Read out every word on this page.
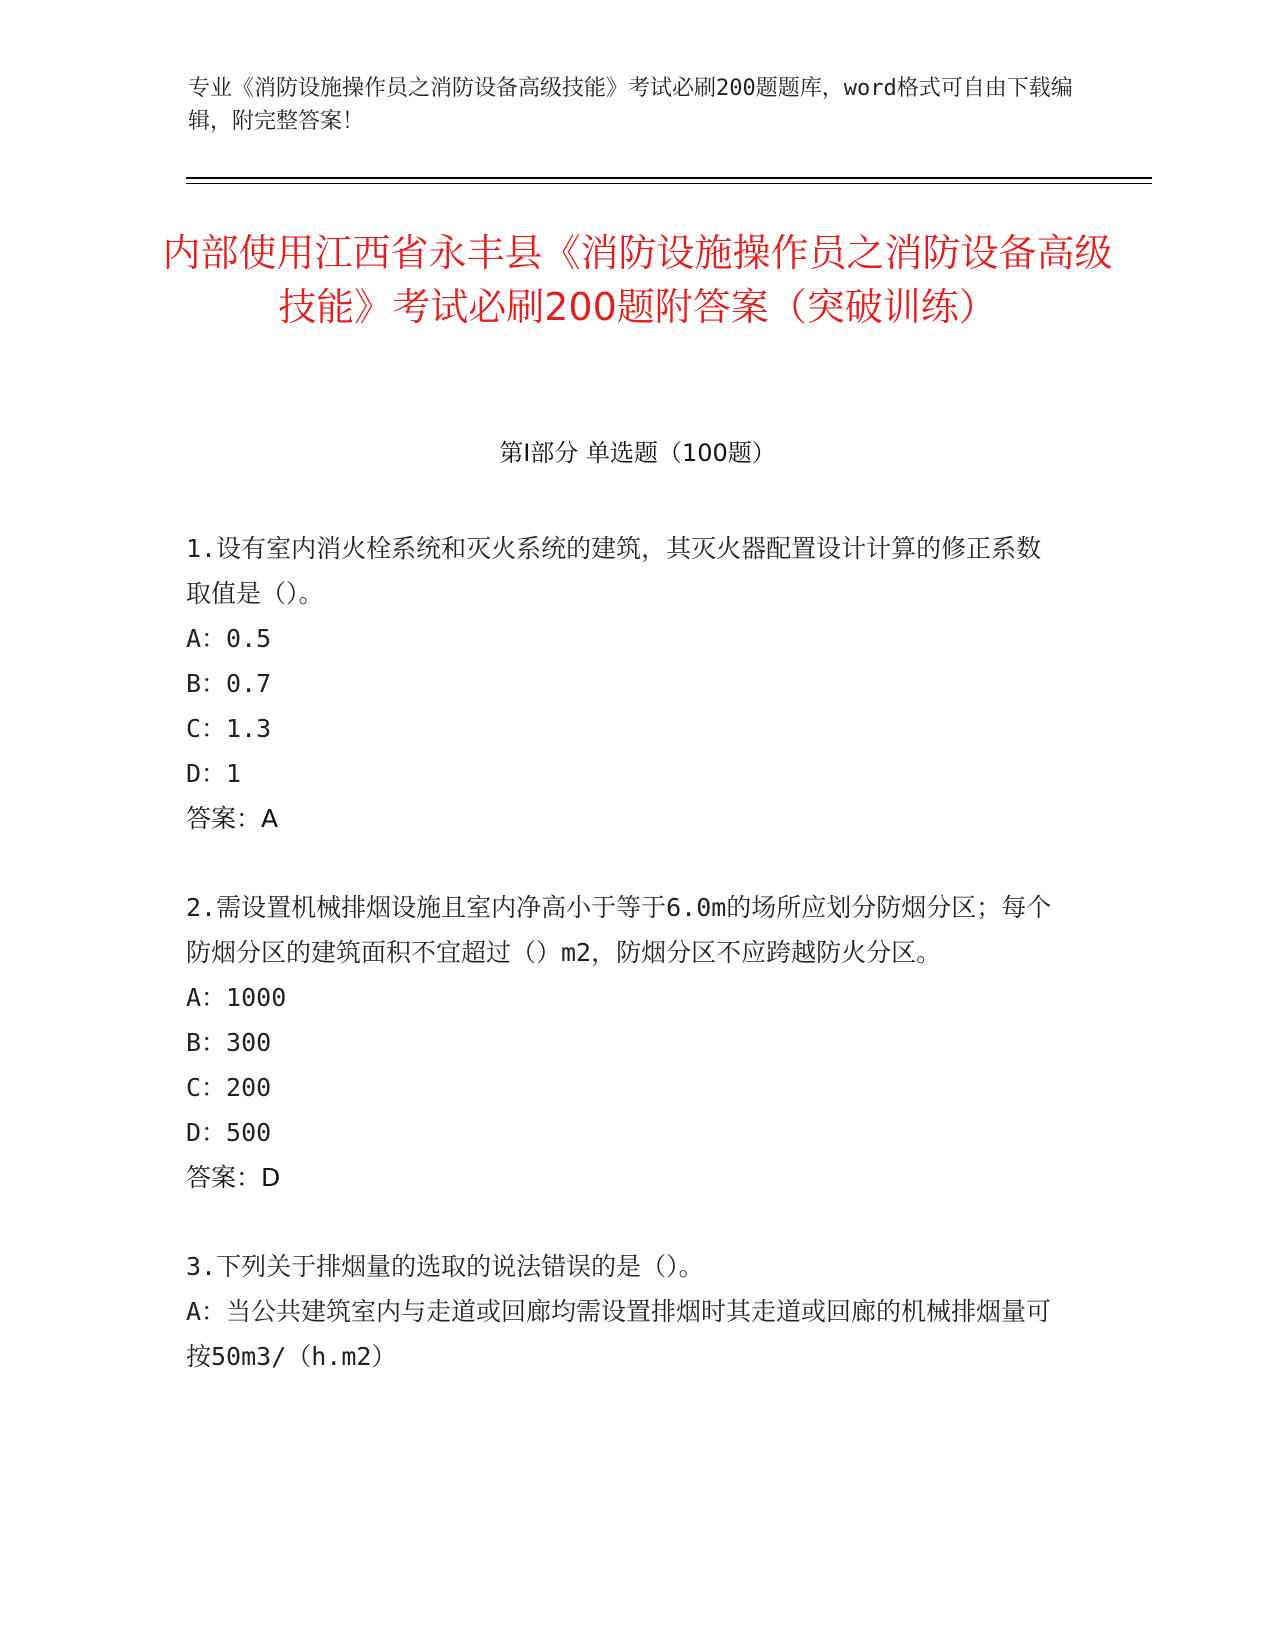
专业《消防设施操作员之消防设备高级技能》考试必刷200题题库，word格式可自由下载编辑，附完整答案！
内部使用江西省永丰县《消防设施操作员之消防设备高级技能》考试必刷200题附答案（突破训练）
第Ⅰ部分 单选题（100题）

1.设有室内消火栓系统和灭火系统的建筑，其灭火器配置设计计算的修正系数取值是（）。

A：0.5

B：0.7

C：1.3

D：1

答案：A

2.需设置机械排烟设施且室内净高小于等于6.0m的场所应划分防烟分区；每个防烟分区的建筑面积不宜超过（）m2，防烟分区不应跨越防火分区。

A：1000

B：300

C：200

D：500

答案：D

3.下列关于排烟量的选取的说法错误的是（）。

A：当公共建筑室内与走道或回廊均需设置排烟时其走道或回廊的机械排烟量可按50m3/（h.m2）
